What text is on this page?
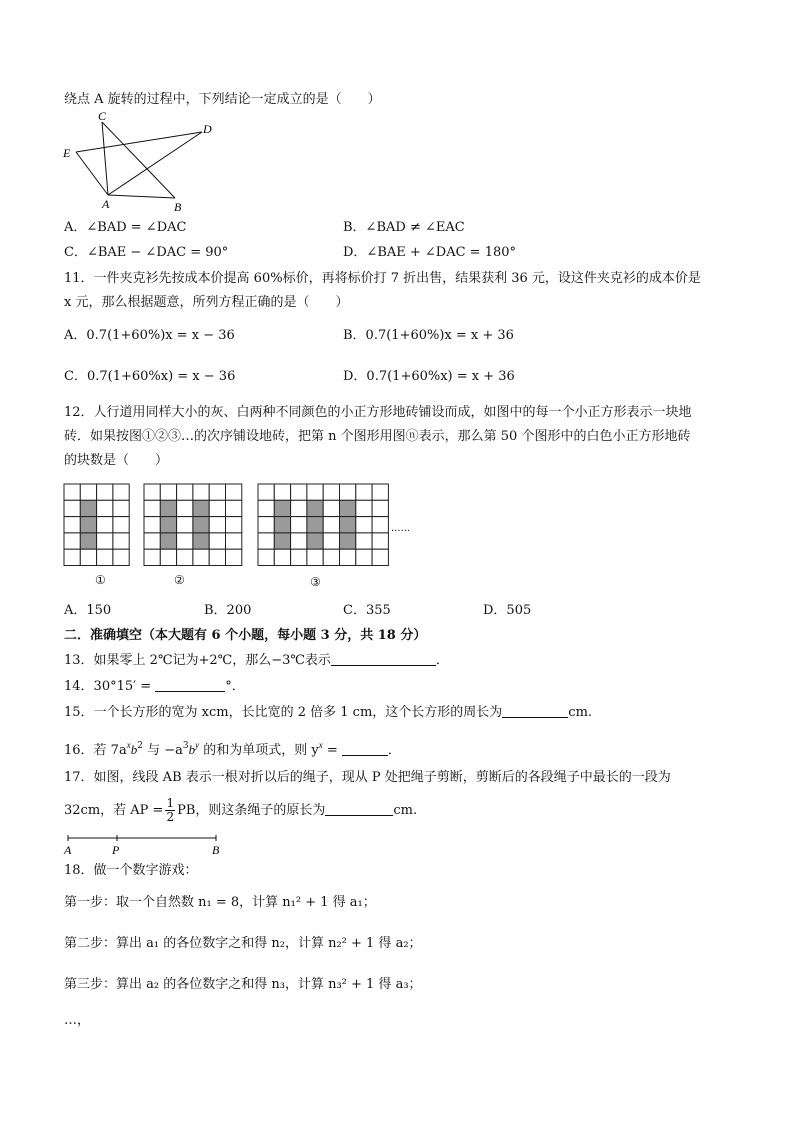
绕点 A 旋转的过程中，下列结论一定成立的是（　　）
C
D
E
A	B
A．∠BAD = ∠DAC	B．∠BAD ≠ ∠EAC
C．∠BAE − ∠DAC = 90°	D．∠BAE + ∠DAC = 180°
11．一件夹克衫先按成本价提高 60%标价，再将标价打 7 折出售，结果获利 36 元，设这件夹克衫的成本价是
x 元，那么根据题意，所列方程正确的是（　　）
A．0.7(1+60%)x = x − 36	B．0.7(1+60%)x = x + 36
C．0.7(1+60%x) = x − 36	D．0.7(1+60%x) = x + 36
12．人行道用同样大小的灰、白两种不同颜色的小正方形地砖铺设而成，如图中的每一个小正方形表示一块地
砖．如果按图①②③…的次序铺设地砖，把第 n 个图形用图ⓝ表示，那么第 50 个图形中的白色小正方形地砖
的块数是（　　）
①	②	③
......
A．150	B．200	C．355	D．505
二．准确填空（本大题有 6 个小题，每小题 3 分，共 18 分）
13．如果零上 2℃记为+2℃，那么−3℃表示	．
14．30°15′ =	°．
15．一个长方形的宽为 xcm，长比宽的 2 倍多 1 cm，这个长方形的周长为	cm.
16．若 $7a^xb^2$ 与 $-a^3b^y$ 的和为单项式，则 $y^x$ =	．
17．如图，线段 AB 表示一根对折以后的绳子，现从 P 处把绳子剪断，剪断后的各段绳子中最长的一段为
32cm，若 AP = $\frac{1}{2}$ PB，则这条绳子的原长为	cm.
A	P	B
18．做一个数字游戏：
第一步：取一个自然数 n₁ = 8，计算 n₁² + 1 得 a₁；
第二步：算出 a₁ 的各位数字之和得 n₂，计算 n₂² + 1 得 a₂；
第三步：算出 a₂ 的各位数字之和得 n₃，计算 n₃² + 1 得 a₃；
…，
